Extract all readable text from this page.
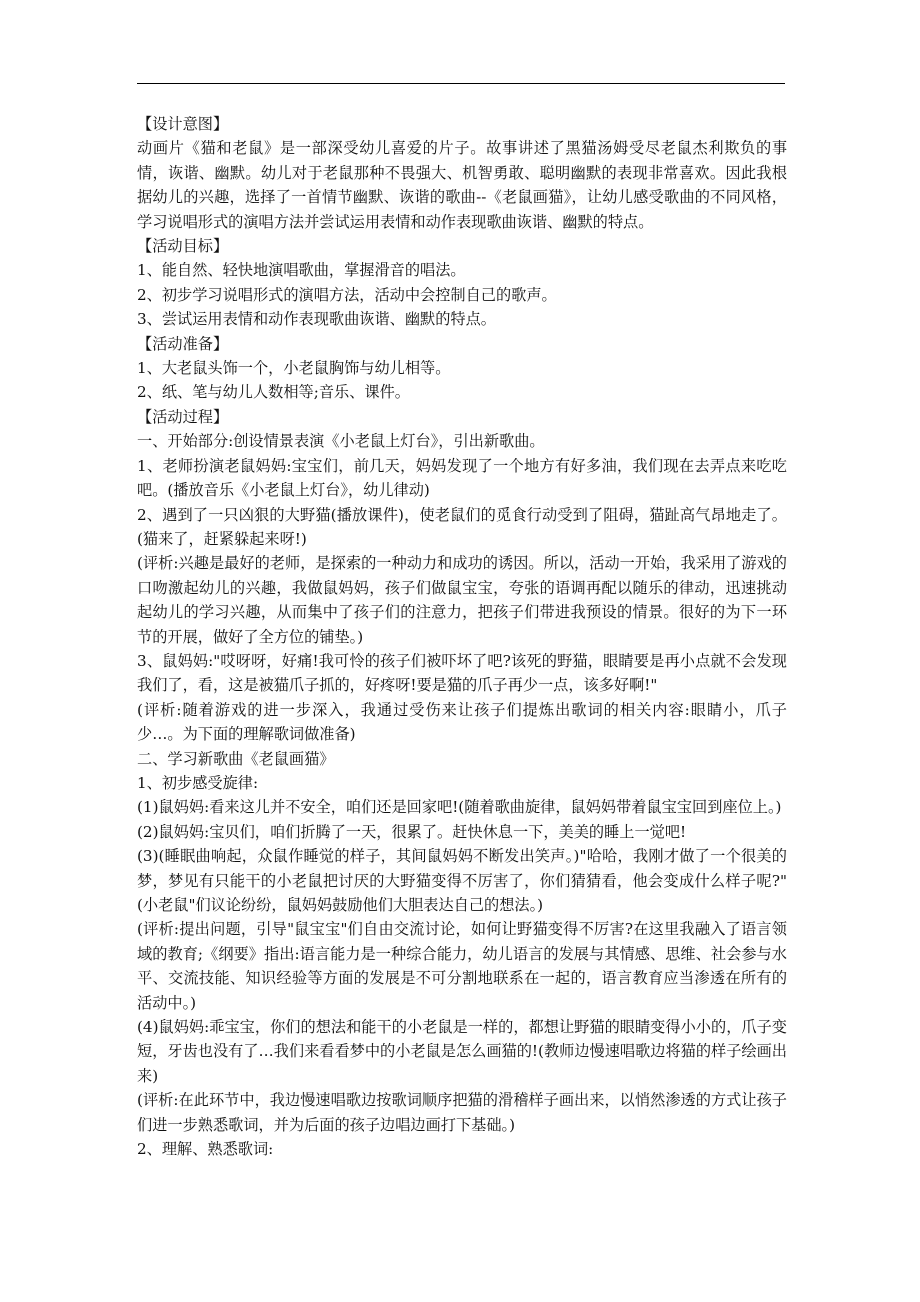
【设计意图】

动画片《猫和老鼠》是一部深受幼儿喜爱的片子。故事讲述了黑猫汤姆受尽老鼠杰利欺负的事情，诙谐、幽默。幼儿对于老鼠那种不畏强大、机智勇敢、聪明幽默的表现非常喜欢。因此我根据幼儿的兴趣，选择了一首情节幽默、诙谐的歌曲--《老鼠画猫》，让幼儿感受歌曲的不同风格，学习说唱形式的演唱方法并尝试运用表情和动作表现歌曲诙谐、幽默的特点。

【活动目标】

1、能自然、轻快地演唱歌曲，掌握滑音的唱法。

2、初步学习说唱形式的演唱方法，活动中会控制自己的歌声。

3、尝试运用表情和动作表现歌曲诙谐、幽默的特点。

【活动准备】

1、大老鼠头饰一个，小老鼠胸饰与幼儿相等。

2、纸、笔与幼儿人数相等;音乐、课件。

【活动过程】

一、开始部分:创设情景表演《小老鼠上灯台》，引出新歌曲。

1、老师扮演老鼠妈妈:宝宝们，前几天，妈妈发现了一个地方有好多油，我们现在去弄点来吃吃吧。(播放音乐《小老鼠上灯台》，幼儿律动)

2、遇到了一只凶狠的大野猫(播放课件)，使老鼠们的觅食行动受到了阻碍，猫趾高气昂地走了。(猫来了，赶紧躲起来呀!)

(评析:兴趣是最好的老师，是探索的一种动力和成功的诱因。所以，活动一开始，我采用了游戏的口吻激起幼儿的兴趣，我做鼠妈妈，孩子们做鼠宝宝，夸张的语调再配以随乐的律动，迅速挑动起幼儿的学习兴趣，从而集中了孩子们的注意力，把孩子们带进我预设的情景。很好的为下一环节的开展，做好了全方位的铺垫。)

3、鼠妈妈:"哎呀呀，好痛!我可怜的孩子们被吓坏了吧?该死的野猫，眼睛要是再小点就不会发现我们了，看，这是被猫爪子抓的，好疼呀!要是猫的爪子再少一点，该多好啊!"

(评析:随着游戏的进一步深入，我通过受伤来让孩子们提炼出歌词的相关内容:眼睛小，爪子少…。为下面的理解歌词做准备)

二、学习新歌曲《老鼠画猫》

1、初步感受旋律:

(1)鼠妈妈:看来这儿并不安全，咱们还是回家吧!(随着歌曲旋律，鼠妈妈带着鼠宝宝回到座位上。)

(2)鼠妈妈:宝贝们，咱们折腾了一天，很累了。赶快休息一下，美美的睡上一觉吧!

(3)(睡眠曲响起，众鼠作睡觉的样子，其间鼠妈妈不断发出笑声。)"哈哈，我刚才做了一个很美的梦，梦见有只能干的小老鼠把讨厌的大野猫变得不厉害了，你们猜猜看，他会变成什么样子呢?"(小老鼠"们议论纷纷，鼠妈妈鼓励他们大胆表达自己的想法。)

(评析:提出问题，引导"鼠宝宝"们自由交流讨论，如何让野猫变得不厉害?在这里我融入了语言领域的教育;《纲要》指出:语言能力是一种综合能力，幼儿语言的发展与其情感、思维、社会参与水平、交流技能、知识经验等方面的发展是不可分割地联系在一起的，语言教育应当渗透在所有的活动中。)

(4)鼠妈妈:乖宝宝，你们的想法和能干的小老鼠是一样的，都想让野猫的眼睛变得小小的，爪子变短，牙齿也没有了…我们来看看梦中的小老鼠是怎么画猫的!(教师边慢速唱歌边将猫的样子绘画出来)

(评析:在此环节中，我边慢速唱歌边按歌词顺序把猫的滑稽样子画出来，以悄然渗透的方式让孩子们进一步熟悉歌词，并为后面的孩子边唱边画打下基础。)

2、理解、熟悉歌词:
